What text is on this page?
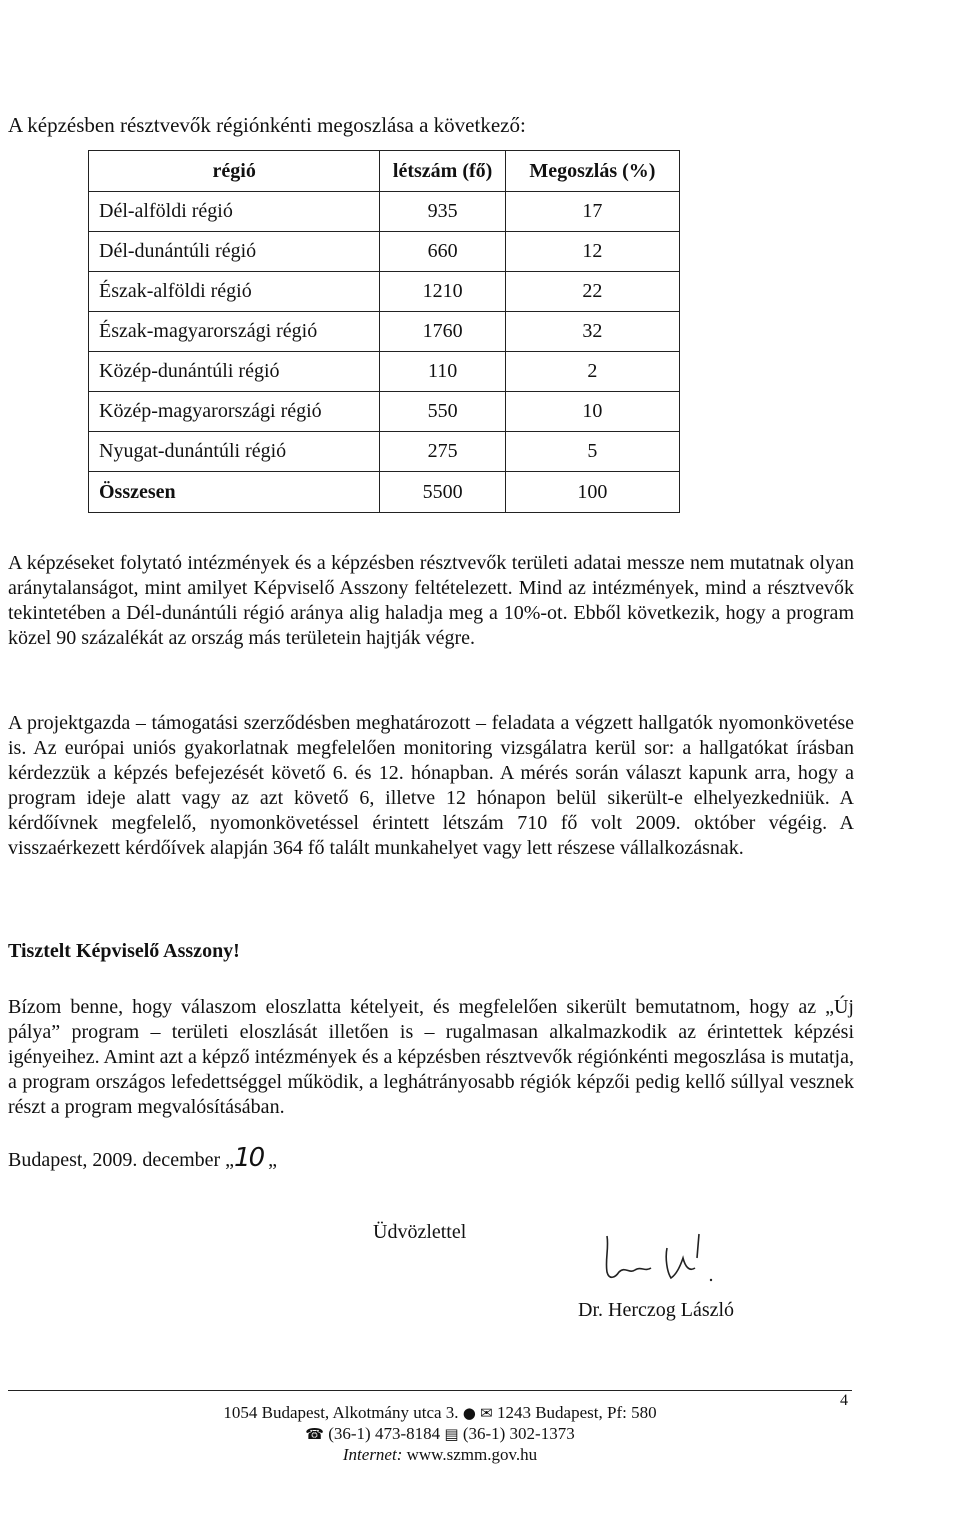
A képzésben résztvevők régiónkénti megoszlása a következő:

régió	létszám (fő)	Megoszlás (%)
Dél-alföldi régió	935	17
Dél-dunántúli régió	660	12
Észak-alföldi régió	1210	22
Észak-magyarországi régió	1760	32
Közép-dunántúli régió	110	2
Közép-magyarországi régió	550	10
Nyugat-dunántúli régió	275	5
Összesen	5500	100

A képzéseket folytató intézmények és a képzésben résztvevők területi adatai messze nem mutatnak olyan aránytalanságot, mint amilyet Képviselő Asszony feltételezett. Mind az intézmények, mind a résztvevők tekintetében a Dél-dunántúli régió aránya alig haladja meg a 10%-ot. Ebből következik, hogy a program közel 90 százalékát az ország más területein hajtják végre.

A projektgazda – támogatási szerződésben meghatározott – feladata a végzett hallgatók nyomonkövetése is. Az európai uniós gyakorlatnak megfelelően monitoring vizsgálatra kerül sor: a hallgatókat írásban kérdezzük a képzés befejezését követő 6. és 12. hónapban. A mérés során választ kapunk arra, hogy a program ideje alatt vagy az azt követő 6, illetve 12 hónapon belül sikerült-e elhelyezkedniük. A kérdőívnek megfelelő, nyomonkövetéssel érintett létszám 710 fő volt 2009. október végéig. A visszaérkezett kérdőívek alapján 364 fő talált munkahelyet vagy lett részese vállalkozásnak.

Tisztelt Képviselő Asszony!

Bízom benne, hogy válaszom eloszlatta kételyeit, és megfelelően sikerült bemutatnom, hogy az „Új pálya” program – területi eloszlását illetően is – rugalmasan alkalmazkodik az érintettek képzési igényeihez. Amint azt a képző intézmények és a képzésben résztvevők régiónkénti megoszlása is mutatja, a program országos lefedettséggel működik, a leghátrányosabb régiók képzői pedig kellő súllyal vesznek részt a program megvalósításában.

Budapest, 2009. december „10 „

Üdvözlettel

Dr. Herczog László

4

1054 Budapest, Alkotmány utca 3. ● ✉ 1243 Budapest, Pf: 580

☎ (36-1) 473-8184 ▤ (36-1) 302-1373

Internet: www.szmm.gov.hu
